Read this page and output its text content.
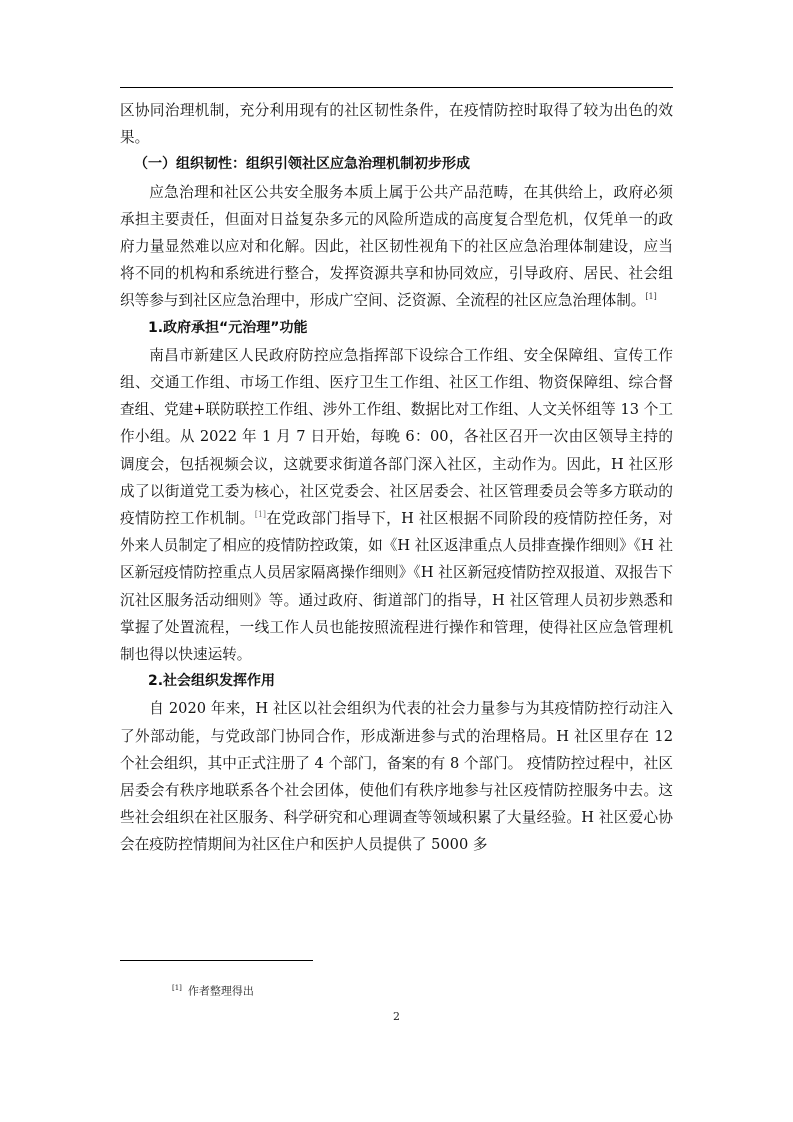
区协同治理机制，充分利用现有的社区韧性条件，在疫情防控时取得了较为出色的效果。

（一）组织韧性：组织引领社区应急治理机制初步形成

应急治理和社区公共安全服务本质上属于公共产品范畴，在其供给上，政府必须承担主要责任，但面对日益复杂多元的风险所造成的高度复合型危机，仅凭单一的政府力量显然难以应对和化解。因此，社区韧性视角下的社区应急治理体制建设，应当将不同的机构和系统进行整合，发挥资源共享和协同效应，引导政府、居民、社会组织等参与到社区应急治理中，形成广空间、泛资源、全流程的社区应急治理体制。[1]

1.政府承担“元治理”功能

南昌市新建区人民政府防控应急指挥部下设综合工作组、安全保障组、宣传工作组、交通工作组、市场工作组、医疗卫生工作组、社区工作组、物资保障组、综合督查组、党建+联防联控工作组、涉外工作组、数据比对工作组、人文关怀组等 13 个工作小组。从 2022 年 1 月 7 日开始，每晚 6：00，各社区召开一次由区领导主持的调度会，包括视频会议，这就要求街道各部门深入社区，主动作为。因此，H 社区形成了以街道党工委为核心，社区党委会、社区居委会、社区管理委员会等多方联动的疫情防控工作机制。[1]在党政部门指导下，H 社区根据不同阶段的疫情防控任务，对外来人员制定了相应的疫情防控政策，如《H 社区返津重点人员排查操作细则》《H 社区新冠疫情防控重点人员居家隔离操作细则》《H 社区新冠疫情防控双报道、双报告下沉社区服务活动细则》等。通过政府、街道部门的指导，H 社区管理人员初步熟悉和掌握了处置流程，一线工作人员也能按照流程进行操作和管理，使得社区应急管理机制也得以快速运转。

2.社会组织发挥作用

自 2020 年来，H 社区以社会组织为代表的社会力量参与为其疫情防控行动注入了外部动能，与党政部门协同合作，形成渐进参与式的治理格局。H 社区里存在 12 个社会组织，其中正式注册了 4 个部门，备案的有 8 个部门。 疫情防控过程中，社区居委会有秩序地联系各个社会团体，使他们有秩序地参与社区疫情防控服务中去。这些社会组织在社区服务、科学研究和心理调查等领域积累了大量经验。H 社区爱心协会在疫防控情期间为社区住户和医护人员提供了 5000 多

[1] 作者整理得出
2
